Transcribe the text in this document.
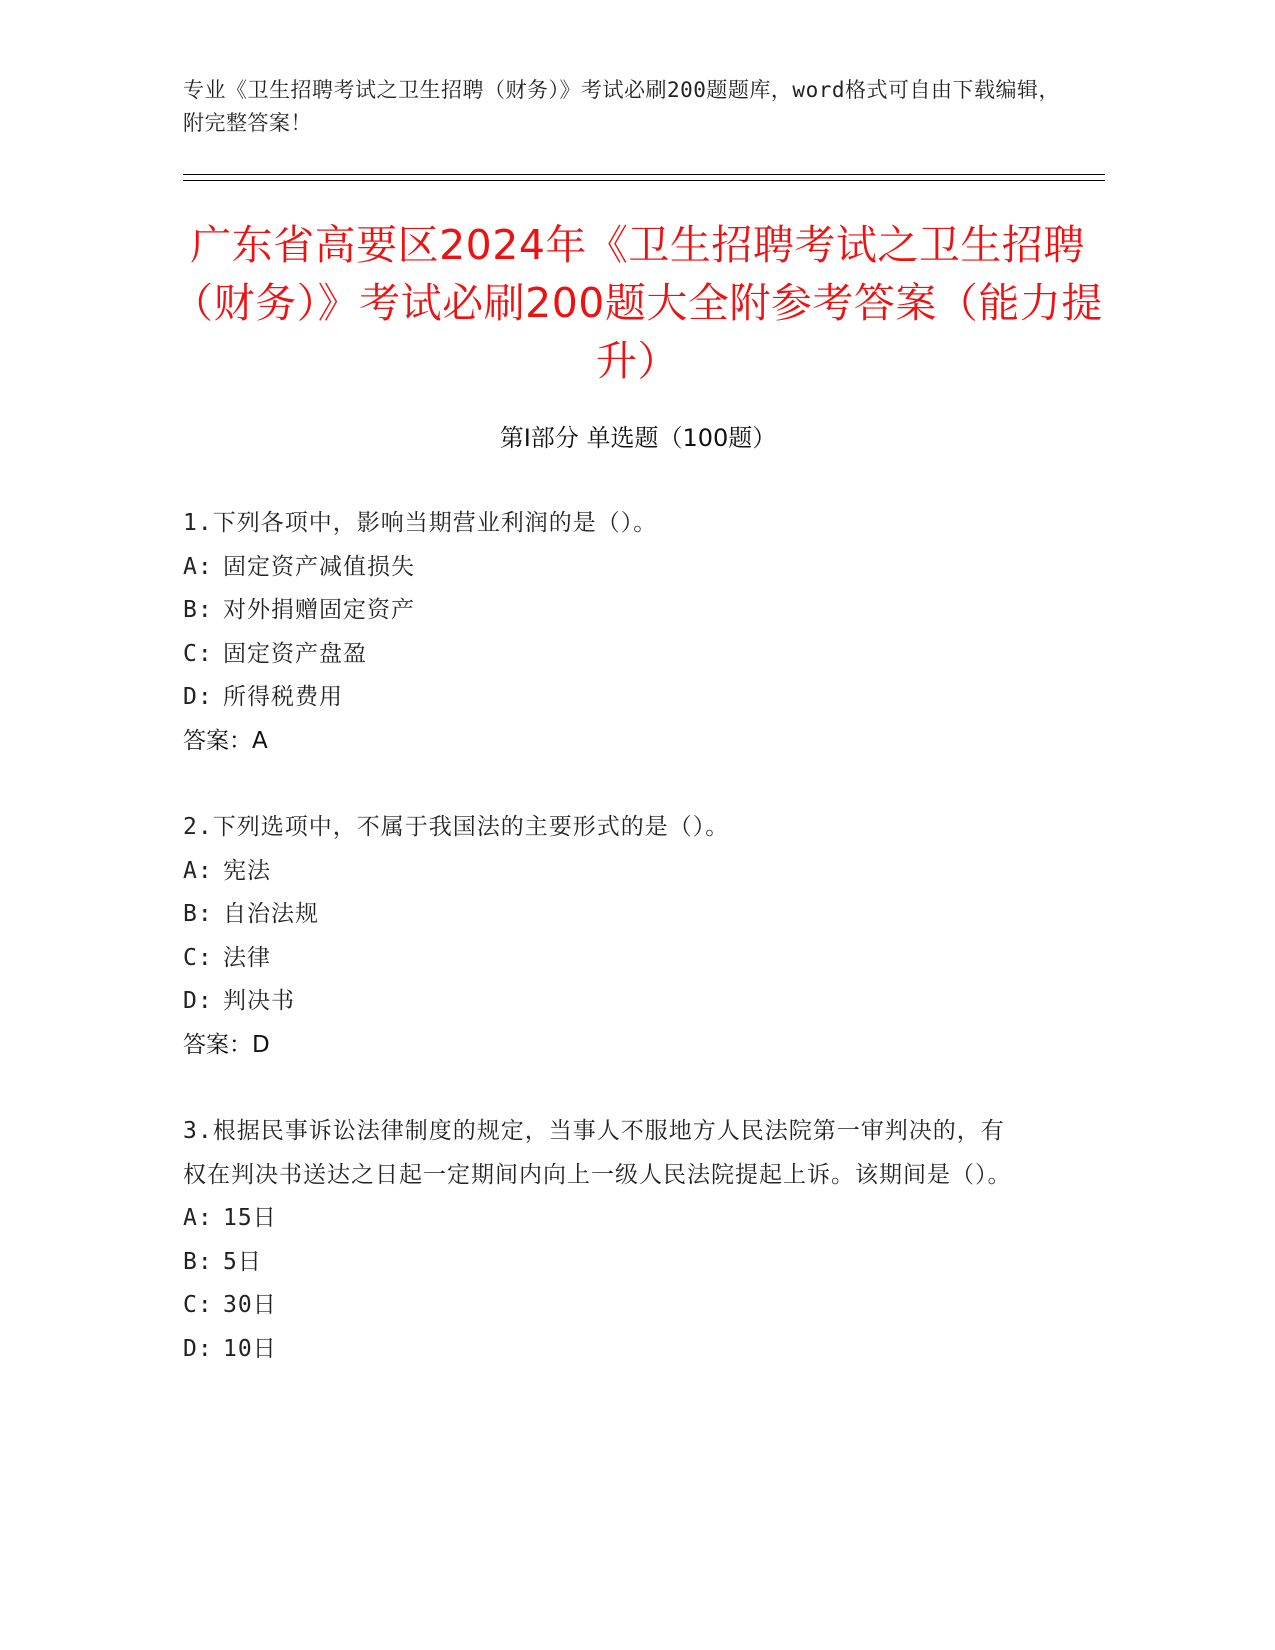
专业《卫生招聘考试之卫生招聘（财务）》考试必刷200题题库，word格式可自由下载编辑，附完整答案！
广东省高要区2024年《卫生招聘考试之卫生招聘（财务）》考试必刷200题大全附参考答案（能力提升）
第Ⅰ部分 单选题（100题）
1.下列各项中，影响当期营业利润的是（）。
A: 固定资产减值损失
B: 对外捐赠固定资产
C: 固定资产盘盈
D: 所得税费用
答案：A
2.下列选项中，不属于我国法的主要形式的是（）。
A: 宪法
B: 自治法规
C: 法律
D: 判决书
答案：D
3.根据民事诉讼法律制度的规定，当事人不服地方人民法院第一审判决的，有权在判决书送达之日起一定期间内向上一级人民法院提起上诉。该期间是（）。
A: 15日
B: 5日
C: 30日
D: 10日
